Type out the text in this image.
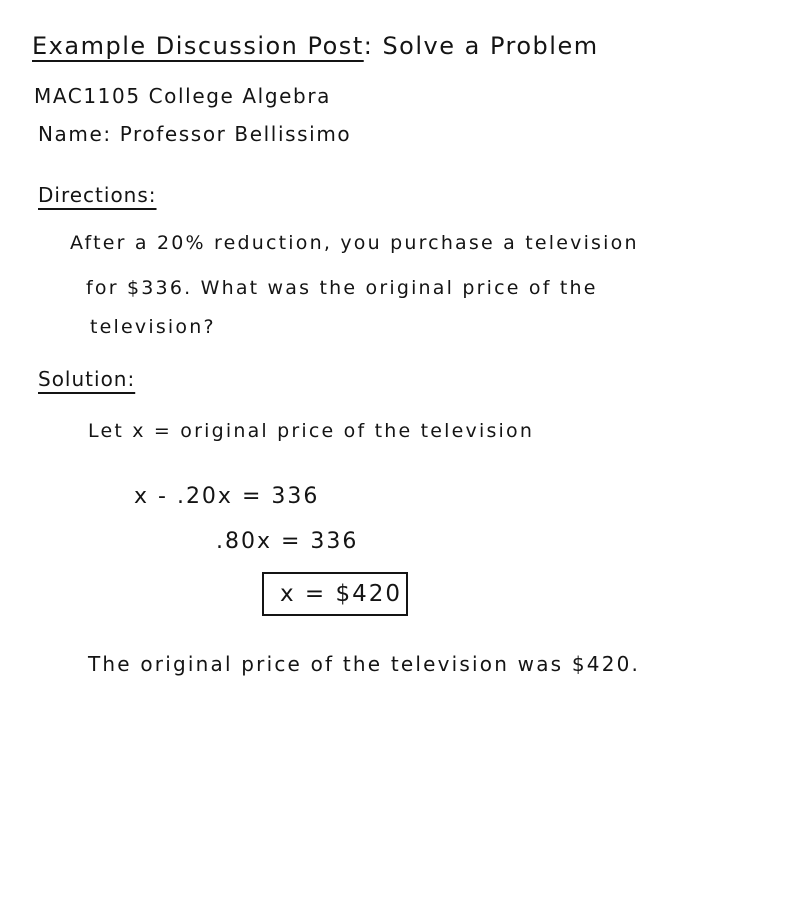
Example Discussion Post: Solve a Problem
MAC1105 College Algebra
Name: Professor Bellissimo
Directions:
After a 20% reduction, you purchase a television
for $336. What was the original price of the
television?
Solution:
Let x = original price of the television
x - .20x = 336
.80x = 336
x = $420
The original price of the television was $420.
